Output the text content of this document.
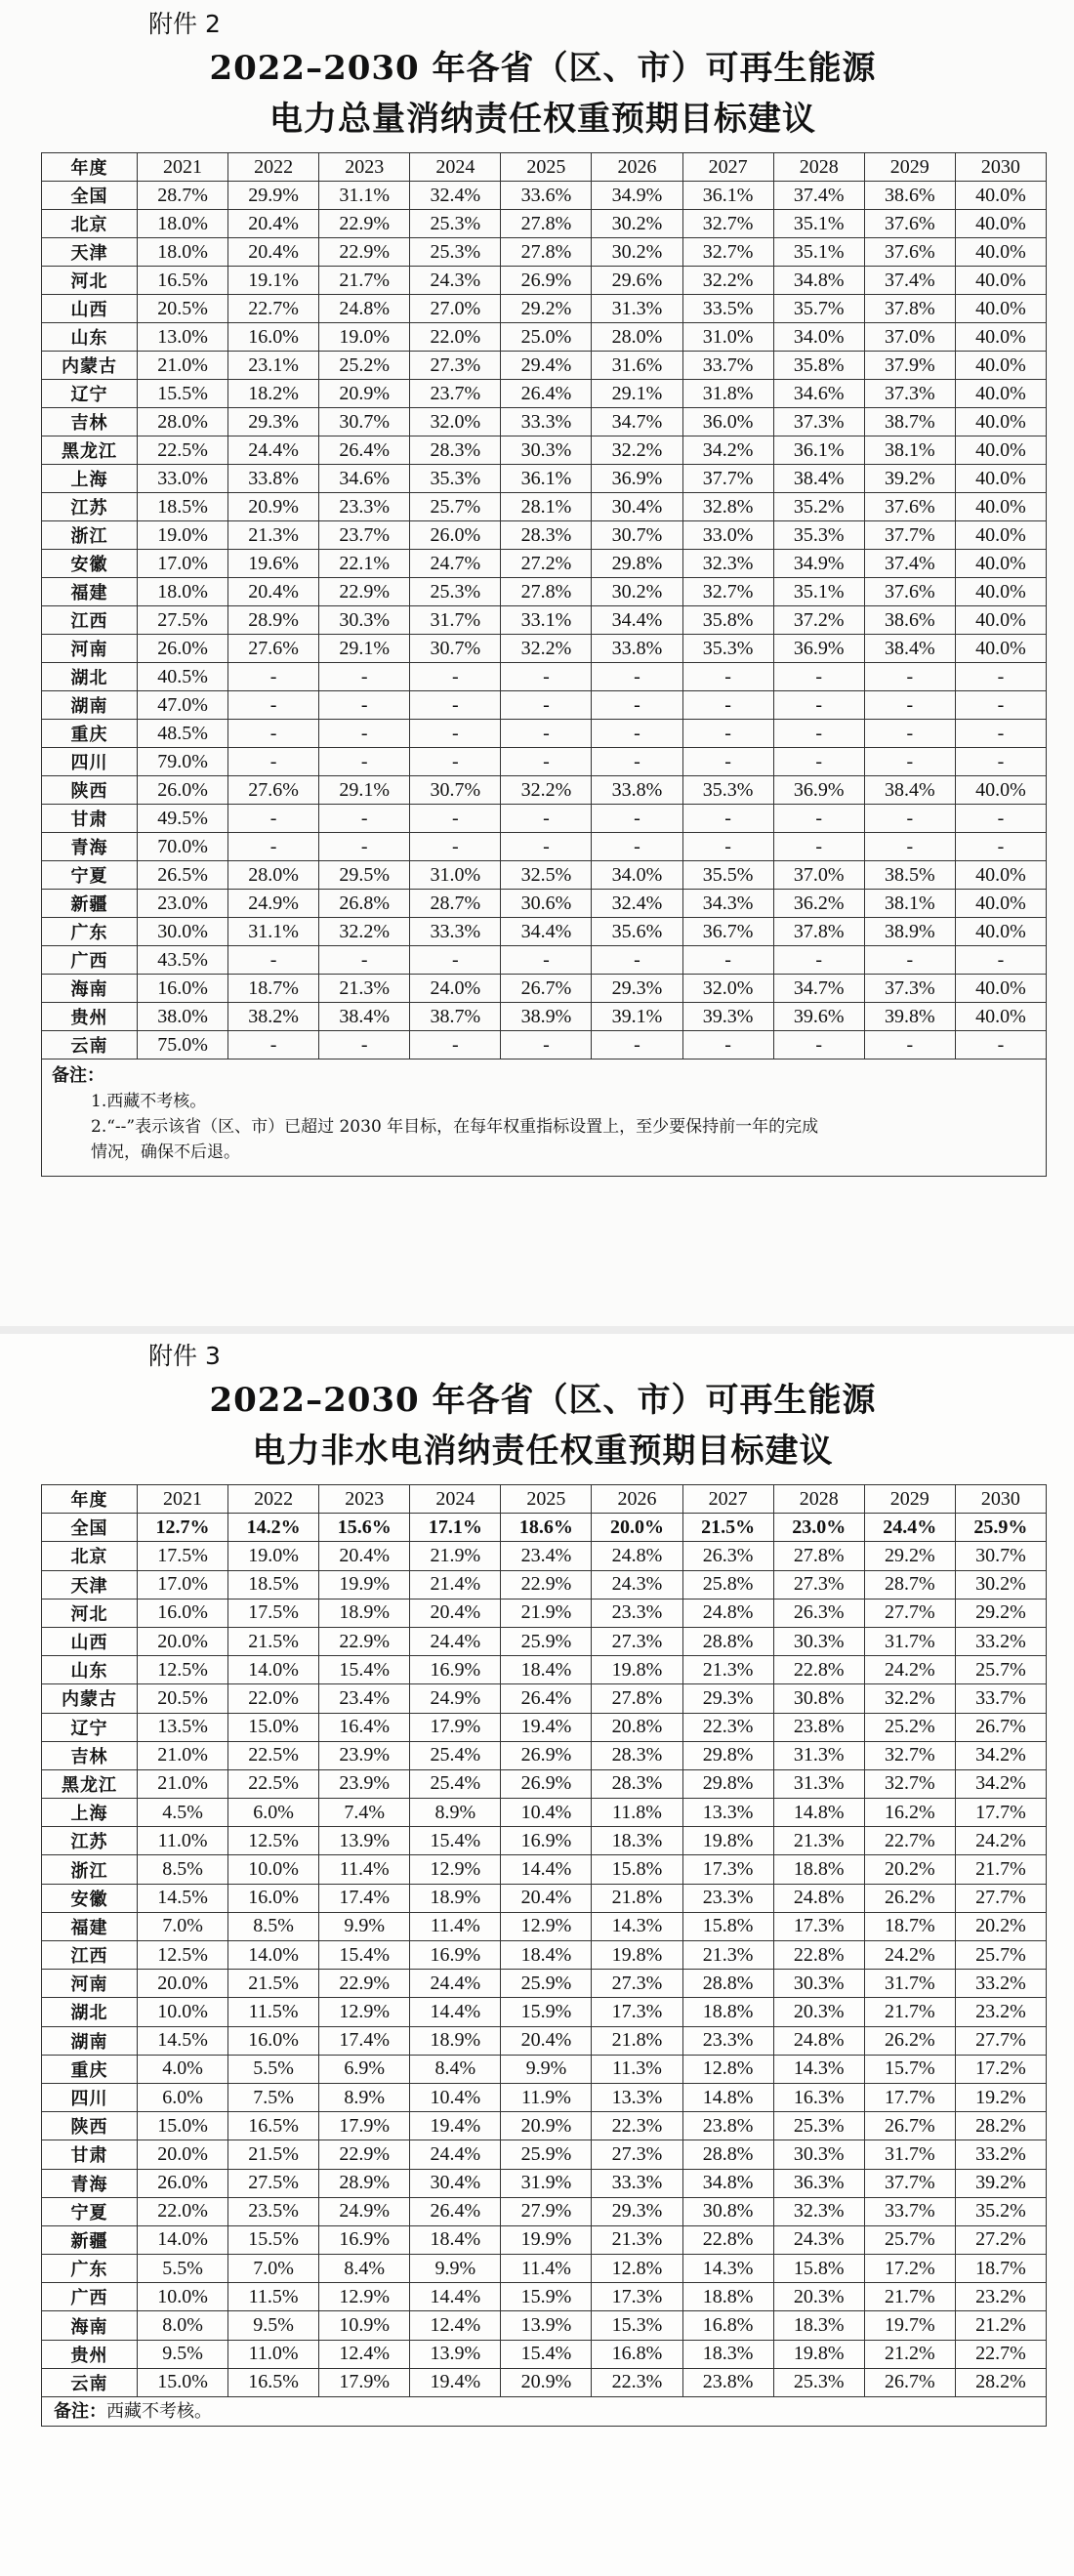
附件 2
2022–2030 年各省（区、市）可再生能源
电力总量消纳责任权重预期目标建议
年度	2021	2022	2023	2024	2025	2026	2027	2028	2029	2030
全国	28.7%	29.9%	31.1%	32.4%	33.6%	34.9%	36.1%	37.4%	38.6%	40.0%
北京	18.0%	20.4%	22.9%	25.3%	27.8%	30.2%	32.7%	35.1%	37.6%	40.0%
天津	18.0%	20.4%	22.9%	25.3%	27.8%	30.2%	32.7%	35.1%	37.6%	40.0%
河北	16.5%	19.1%	21.7%	24.3%	26.9%	29.6%	32.2%	34.8%	37.4%	40.0%
山西	20.5%	22.7%	24.8%	27.0%	29.2%	31.3%	33.5%	35.7%	37.8%	40.0%
山东	13.0%	16.0%	19.0%	22.0%	25.0%	28.0%	31.0%	34.0%	37.0%	40.0%
内蒙古	21.0%	23.1%	25.2%	27.3%	29.4%	31.6%	33.7%	35.8%	37.9%	40.0%
辽宁	15.5%	18.2%	20.9%	23.7%	26.4%	29.1%	31.8%	34.6%	37.3%	40.0%
吉林	28.0%	29.3%	30.7%	32.0%	33.3%	34.7%	36.0%	37.3%	38.7%	40.0%
黑龙江	22.5%	24.4%	26.4%	28.3%	30.3%	32.2%	34.2%	36.1%	38.1%	40.0%
上海	33.0%	33.8%	34.6%	35.3%	36.1%	36.9%	37.7%	38.4%	39.2%	40.0%
江苏	18.5%	20.9%	23.3%	25.7%	28.1%	30.4%	32.8%	35.2%	37.6%	40.0%
浙江	19.0%	21.3%	23.7%	26.0%	28.3%	30.7%	33.0%	35.3%	37.7%	40.0%
安徽	17.0%	19.6%	22.1%	24.7%	27.2%	29.8%	32.3%	34.9%	37.4%	40.0%
福建	18.0%	20.4%	22.9%	25.3%	27.8%	30.2%	32.7%	35.1%	37.6%	40.0%
江西	27.5%	28.9%	30.3%	31.7%	33.1%	34.4%	35.8%	37.2%	38.6%	40.0%
河南	26.0%	27.6%	29.1%	30.7%	32.2%	33.8%	35.3%	36.9%	38.4%	40.0%
湖北	40.5%	-	-	-	-	-	-	-	-	-
湖南	47.0%	-	-	-	-	-	-	-	-	-
重庆	48.5%	-	-	-	-	-	-	-	-	-
四川	79.0%	-	-	-	-	-	-	-	-	-
陕西	26.0%	27.6%	29.1%	30.7%	32.2%	33.8%	35.3%	36.9%	38.4%	40.0%
甘肃	49.5%	-	-	-	-	-	-	-	-	-
青海	70.0%	-	-	-	-	-	-	-	-	-
宁夏	26.5%	28.0%	29.5%	31.0%	32.5%	34.0%	35.5%	37.0%	38.5%	40.0%
新疆	23.0%	24.9%	26.8%	28.7%	30.6%	32.4%	34.3%	36.2%	38.1%	40.0%
广东	30.0%	31.1%	32.2%	33.3%	34.4%	35.6%	36.7%	37.8%	38.9%	40.0%
广西	43.5%	-	-	-	-	-	-	-	-	-
海南	16.0%	18.7%	21.3%	24.0%	26.7%	29.3%	32.0%	34.7%	37.3%	40.0%
贵州	38.0%	38.2%	38.4%	38.7%	38.9%	39.1%	39.3%	39.6%	39.8%	40.0%
云南	75.0%	-	-	-	-	-	-	-	-	-
备注：
1.西藏不考核。
2.“--”表示该省（区、市）已超过 2030 年目标，在每年权重指标设置上，至少要保持前一年的完成
情况，确保不后退。
附件 3
2022–2030 年各省（区、市）可再生能源
电力非水电消纳责任权重预期目标建议
年度	2021	2022	2023	2024	2025	2026	2027	2028	2029	2030
全国	12.7%	14.2%	15.6%	17.1%	18.6%	20.0%	21.5%	23.0%	24.4%	25.9%
北京	17.5%	19.0%	20.4%	21.9%	23.4%	24.8%	26.3%	27.8%	29.2%	30.7%
天津	17.0%	18.5%	19.9%	21.4%	22.9%	24.3%	25.8%	27.3%	28.7%	30.2%
河北	16.0%	17.5%	18.9%	20.4%	21.9%	23.3%	24.8%	26.3%	27.7%	29.2%
山西	20.0%	21.5%	22.9%	24.4%	25.9%	27.3%	28.8%	30.3%	31.7%	33.2%
山东	12.5%	14.0%	15.4%	16.9%	18.4%	19.8%	21.3%	22.8%	24.2%	25.7%
内蒙古	20.5%	22.0%	23.4%	24.9%	26.4%	27.8%	29.3%	30.8%	32.2%	33.7%
辽宁	13.5%	15.0%	16.4%	17.9%	19.4%	20.8%	22.3%	23.8%	25.2%	26.7%
吉林	21.0%	22.5%	23.9%	25.4%	26.9%	28.3%	29.8%	31.3%	32.7%	34.2%
黑龙江	21.0%	22.5%	23.9%	25.4%	26.9%	28.3%	29.8%	31.3%	32.7%	34.2%
上海	4.5%	6.0%	7.4%	8.9%	10.4%	11.8%	13.3%	14.8%	16.2%	17.7%
江苏	11.0%	12.5%	13.9%	15.4%	16.9%	18.3%	19.8%	21.3%	22.7%	24.2%
浙江	8.5%	10.0%	11.4%	12.9%	14.4%	15.8%	17.3%	18.8%	20.2%	21.7%
安徽	14.5%	16.0%	17.4%	18.9%	20.4%	21.8%	23.3%	24.8%	26.2%	27.7%
福建	7.0%	8.5%	9.9%	11.4%	12.9%	14.3%	15.8%	17.3%	18.7%	20.2%
江西	12.5%	14.0%	15.4%	16.9%	18.4%	19.8%	21.3%	22.8%	24.2%	25.7%
河南	20.0%	21.5%	22.9%	24.4%	25.9%	27.3%	28.8%	30.3%	31.7%	33.2%
湖北	10.0%	11.5%	12.9%	14.4%	15.9%	17.3%	18.8%	20.3%	21.7%	23.2%
湖南	14.5%	16.0%	17.4%	18.9%	20.4%	21.8%	23.3%	24.8%	26.2%	27.7%
重庆	4.0%	5.5%	6.9%	8.4%	9.9%	11.3%	12.8%	14.3%	15.7%	17.2%
四川	6.0%	7.5%	8.9%	10.4%	11.9%	13.3%	14.8%	16.3%	17.7%	19.2%
陕西	15.0%	16.5%	17.9%	19.4%	20.9%	22.3%	23.8%	25.3%	26.7%	28.2%
甘肃	20.0%	21.5%	22.9%	24.4%	25.9%	27.3%	28.8%	30.3%	31.7%	33.2%
青海	26.0%	27.5%	28.9%	30.4%	31.9%	33.3%	34.8%	36.3%	37.7%	39.2%
宁夏	22.0%	23.5%	24.9%	26.4%	27.9%	29.3%	30.8%	32.3%	33.7%	35.2%
新疆	14.0%	15.5%	16.9%	18.4%	19.9%	21.3%	22.8%	24.3%	25.7%	27.2%
广东	5.5%	7.0%	8.4%	9.9%	11.4%	12.8%	14.3%	15.8%	17.2%	18.7%
广西	10.0%	11.5%	12.9%	14.4%	15.9%	17.3%	18.8%	20.3%	21.7%	23.2%
海南	8.0%	9.5%	10.9%	12.4%	13.9%	15.3%	16.8%	18.3%	19.7%	21.2%
贵州	9.5%	11.0%	12.4%	13.9%	15.4%	16.8%	18.3%	19.8%	21.2%	22.7%
云南	15.0%	16.5%	17.9%	19.4%	20.9%	22.3%	23.8%	25.3%	26.7%	28.2%
备注：西藏不考核。
